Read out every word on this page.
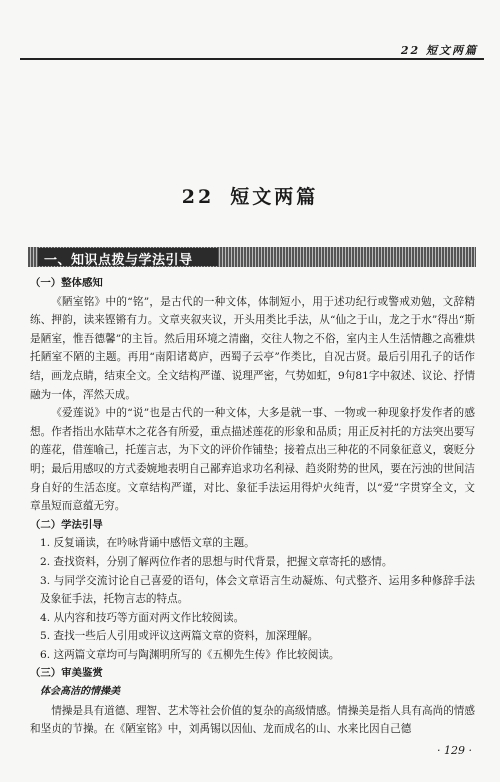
22 短文两篇
22 短文两篇
一、知识点拨与学法引导

（一）整体感知

《陋室铭》中的“铭”，是古代的一种文体，体制短小，用于述功纪行或警戒劝勉，文辞精练、押韵，读来铿锵有力。文章夹叙夹议，开头用类比手法，从“仙之于山，龙之于水”得出“斯是陋室，惟吾德馨”的主旨。然后用环境之清幽，交往人物之不俗，室内主人生活情趣之高雅烘托陋室不陋的主题。再用“南阳诸葛庐，西蜀子云亭”作类比，自况古贤。最后引用孔子的话作结，画龙点睛，结束全文。全文结构严谨、说理严密，气势如虹，9句81字中叙述、议论、抒情融为一体，浑然天成。

《爱莲说》中的“说”也是古代的一种文体，大多是就一事、一物或一种现象抒发作者的感想。作者指出水陆草木之花各有所爱，重点描述莲花的形象和品质；用正反衬托的方法突出要写的莲花，借莲喻己，托莲言志，为下文的评价作铺垫；接着点出三种花的不同象征意义，褒贬分明；最后用感叹的方式委婉地表明自己鄙弃追求功名利禄、趋炎附势的世风，要在污浊的世间洁身自好的生活态度。文章结构严谨，对比、象征手法运用得炉火纯青，以“爱”字贯穿全文，文章虽短而意蕴无穷。

（二）学法引导

1. 反复诵读，在吟咏背诵中感悟文章的主题。

2. 查找资料，分别了解两位作者的思想与时代背景，把握文章寄托的感情。

3. 与同学交流讨论自己喜爱的语句，体会文章语言生动凝炼、句式整齐、运用多种修辞手法及象征手法，托物言志的特点。

4. 从内容和技巧等方面对两文作比较阅读。

5. 查找一些后人引用或评议这两篇文章的资料，加深理解。

6. 这两篇文章均可与陶渊明所写的《五柳先生传》作比较阅读。

（三）审美鉴赏

体会高洁的情操美

情操是具有道德、理智、艺术等社会价值的复杂的高级情感。情操美是指人具有高尚的情感和坚贞的节操。在《陋室铭》中，刘禹锡以因仙、龙而成名的山、水来比因自己德

· 129 ·
